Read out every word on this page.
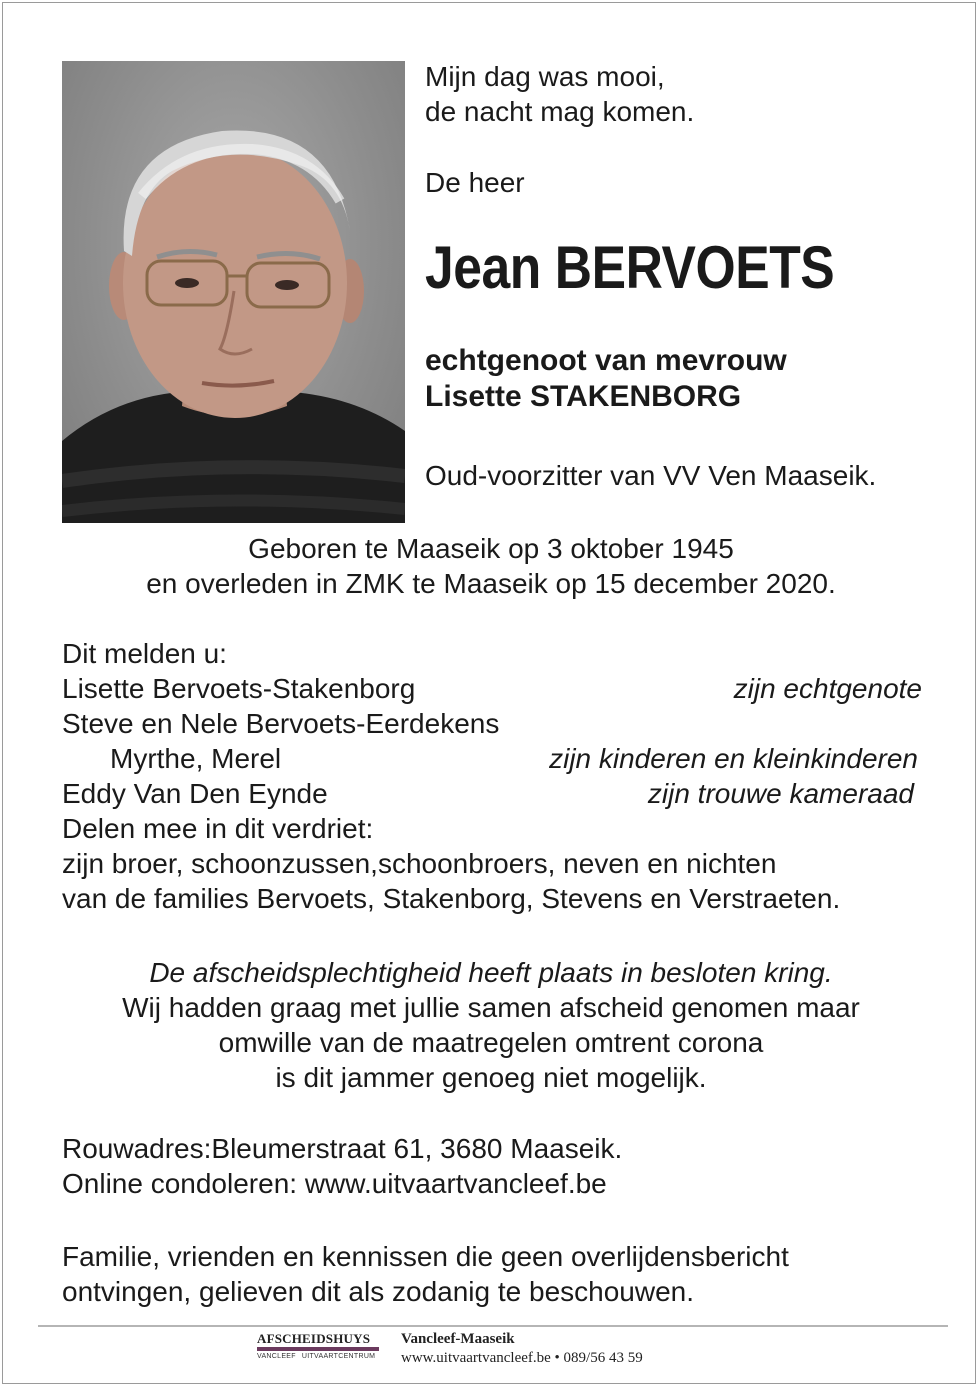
Mijn dag was mooi,
de nacht mag komen.
De heer
Jean BERVOETS
echtgenoot van mevrouw
Lisette STAKENBORG
Oud-voorzitter van VV Ven Maaseik.
Geboren te Maaseik op 3 oktober 1945
en overleden in ZMK te Maaseik op 15 december 2020.
Dit melden u:
Lisette Bervoets-Stakenborg	zijn echtgenote
Steve en Nele Bervoets-Eerdekens
Myrthe, Merel	zijn kinderen en kleinkinderen
Eddy Van Den Eynde	zijn trouwe kameraad
Delen mee in dit verdriet:
zijn broer, schoonzussen,schoonbroers, neven en nichten
van de families Bervoets, Stakenborg, Stevens en Verstraeten.
De afscheidsplechtigheid heeft plaats in besloten kring.
Wij hadden graag met jullie samen afscheid genomen maar
omwille van de maatregelen omtrent corona
is dit jammer genoeg niet mogelijk.
Rouwadres:Bleumerstraat 61, 3680 Maaseik.
Online condoleren: www.uitvaartvancleef.be
Familie, vrienden en kennissen die geen overlijdensbericht
ontvingen, gelieven dit als zodanig te beschouwen.
AFSCHEIDSHUYS
VANCLEEF UITVAARTCENTRUM
Vancleef-Maaseik
www.uitvaartvancleef.be • 089/56 43 59
